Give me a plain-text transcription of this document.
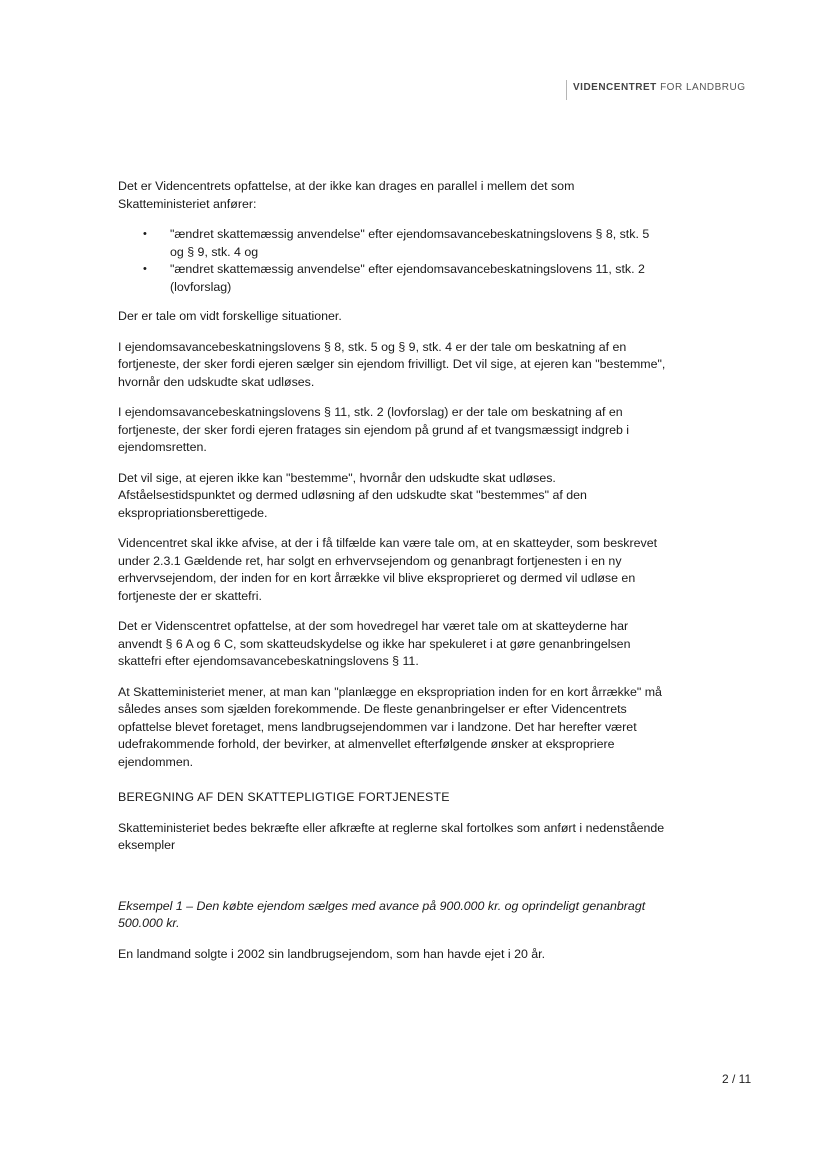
VIDENCENTRET FOR LANDBRUG

Det er Videncentrets opfattelse, at der ikke kan drages en parallel i mellem det som Skatteministeriet anfører:

• "ændret skattemæssig anvendelse" efter ejendomsavancebeskatningslovens § 8, stk. 5 og § 9, stk. 4 og
• "ændret skattemæssig anvendelse" efter ejendomsavancebeskatningslovens 11, stk. 2 (lovforslag)

Der er tale om vidt forskellige situationer.

I ejendomsavancebeskatningslovens § 8, stk. 5 og § 9, stk. 4 er der tale om beskatning af en fortjeneste, der sker fordi ejeren sælger sin ejendom frivilligt. Det vil sige, at ejeren kan "bestemme", hvornår den udskudte skat udløses.

I ejendomsavancebeskatningslovens § 11, stk. 2 (lovforslag) er der tale om beskatning af en fortjeneste, der sker fordi ejeren fratages sin ejendom på grund af et tvangsmæssigt indgreb i ejendomsretten.

Det vil sige, at ejeren ikke kan "bestemme", hvornår den udskudte skat udløses. Afståelsestidspunktet og dermed udløsning af den udskudte skat "bestemmes" af den ekspropriationsberettigede.

Videncentret skal ikke afvise, at der i få tilfælde kan være tale om, at en skatteyder, som beskrevet under 2.3.1 Gældende ret, har solgt en erhvervsejendom og genanbragt fortjenesten i en ny erhvervsejendom, der inden for en kort årrække vil blive eksproprieret og dermed vil udløse en fortjeneste der er skattefri.

Det er Videnscentret opfattelse, at der som hovedregel har været tale om at skatteyderne har anvendt § 6 A og 6 C, som skatteudskydelse og ikke har spekuleret i at gøre genanbringelsen skattefri efter ejendomsavancebeskatningslovens § 11.

At Skatteministeriet mener, at man kan "planlægge en ekspropriation inden for en kort årrække" må således anses som sjælden forekommende. De fleste genanbringelser er efter Videncentrets opfattelse blevet foretaget, mens landbrugsejendommen var i landzone. Det har herefter været udefrakommende forhold, der bevirker, at almenvellet efterfølgende ønsker at ekspropriere ejendommen.

BEREGNING AF DEN SKATTEPLIGTIGE FORTJENESTE

Skatteministeriet bedes bekræfte eller afkræfte at reglerne skal fortolkes som anført i nedenstående eksempler

Eksempel 1 – Den købte ejendom sælges med avance på 900.000 kr. og oprindeligt genanbragt 500.000 kr.

En landmand solgte i 2002 sin landbrugsejendom, som han havde ejet i 20 år.

2 / 11
